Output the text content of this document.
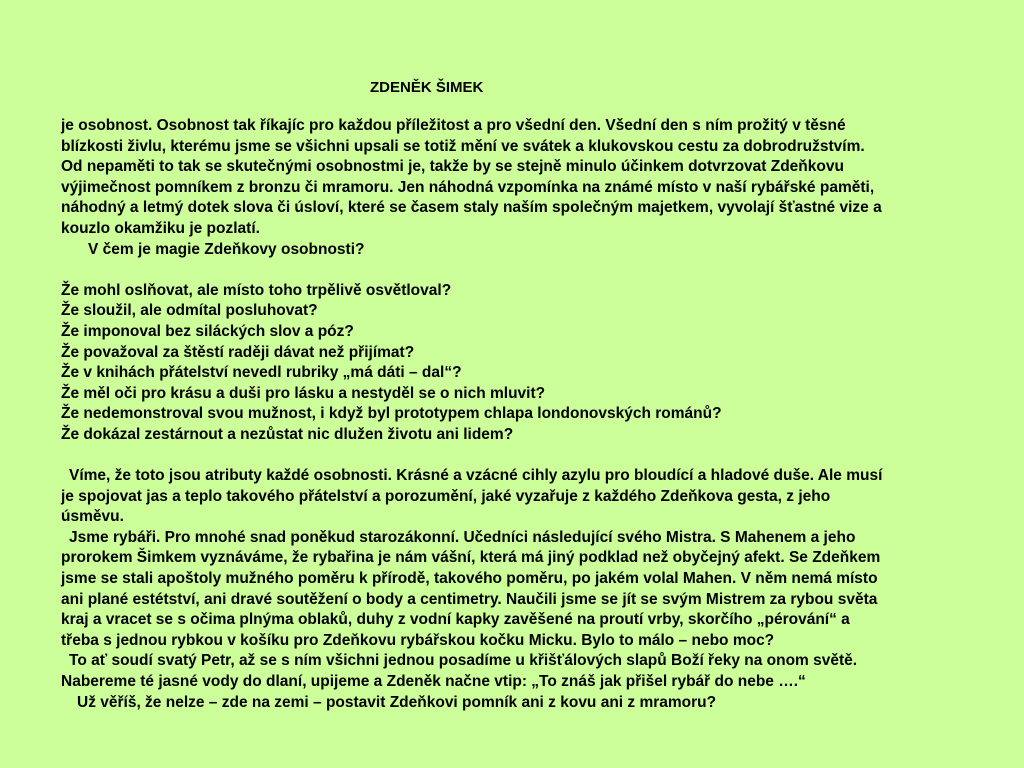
ZDENĚK ŠIMEK
je osobnost. Osobnost tak říkajíc pro každou příležitost a pro všední den. Všední den s ním prožitý v těsné
blízkosti živlu, kterému jsme se všichni upsali se totiž mění ve svátek a klukovskou cestu za dobrodružstvím.
Od nepaměti to tak se skutečnými osobnostmi je, takže by se stejně minulo účinkem dotvrzovat Zdeňkovu
výjimečnost pomníkem z bronzu či mramoru. Jen náhodná vzpomínka na známé místo v naší rybářské paměti,
náhodný a letmý dotek slova či úsloví, které se časem staly naším společným majetkem, vyvolají šťastné vize a
kouzlo okamžiku je pozlatí.
V čem je magie Zdeňkovy osobnosti?
Že mohl oslňovat, ale místo toho trpělivě osvětloval?
Že sloužil, ale odmítal posluhovat?
Že imponoval bez siláckých slov a póz?
Že považoval za štěstí raději dávat než přijímat?
Že v knihách přátelství nevedl rubriky „má dáti – dal“?
Že měl oči pro krásu a duši pro lásku a nestyděl se o nich mluvit?
Že nedemonstroval svou mužnost, i když byl prototypem chlapa londonovských románů?
Že dokázal zestárnout a nezůstat nic dlužen životu ani lidem?
Víme, že toto jsou atributy každé osobnosti. Krásné a vzácné cihly azylu pro bloudící a hladové duše. Ale musí
je spojovat jas a teplo takového přátelství a porozumění, jaké vyzařuje z každého Zdeňkova gesta, z jeho
úsměvu.
Jsme rybáři. Pro mnohé snad poněkud starozákonní. Učedníci následující svého Mistra. S Mahenem a jeho
prorokem Šimkem vyznáváme, že rybařina je nám vášní, která má jiný podklad než obyčejný afekt. Se Zdeňkem
jsme se stali apoštoly mužného poměru k přírodě, takového poměru, po jakém volal Mahen. V něm nemá místo
ani plané estétství, ani dravé soutěžení o body a centimetry. Naučili jsme se jít se svým Mistrem za rybou světa
kraj a vracet se s očima plnýma oblaků, duhy z vodní kapky zavěšené na proutí vrby, skorčího „pérování“ a
třeba s jednou rybkou v košíku pro Zdeňkovu rybářskou kočku Micku. Bylo to málo – nebo moc?
To ať soudí svatý Petr, až se s ním všichni jednou posadíme u křišťálových slapů Boží řeky na onom světě.
Nabereme té jasné vody do dlaní, upijeme a Zdeněk načne vtip: „To znáš jak přišel rybář do nebe ….“
Už věříš, že nelze – zde na zemi – postavit Zdeňkovi pomník ani z kovu ani z mramoru?
